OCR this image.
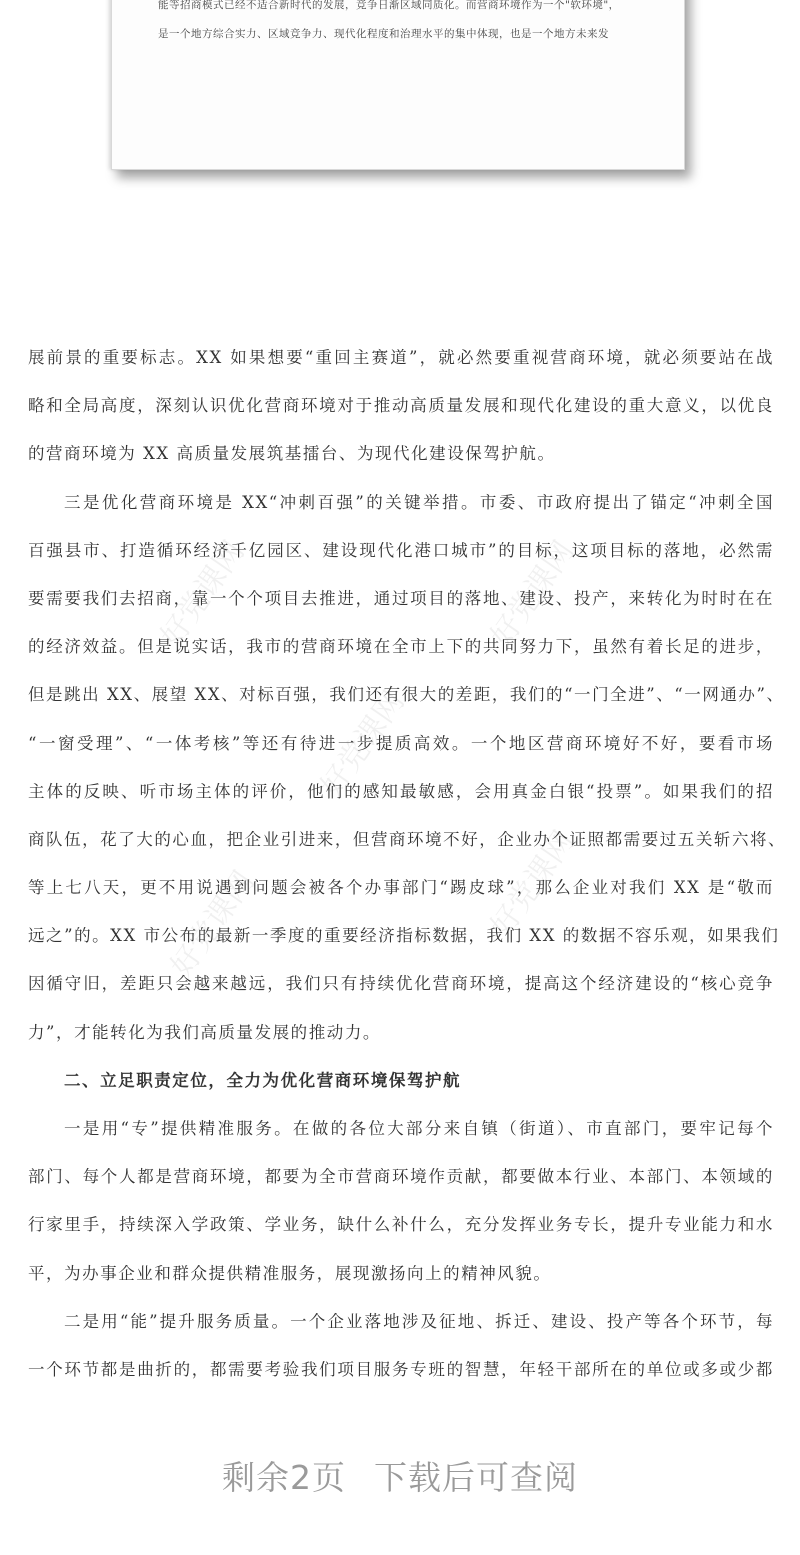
能等招商模式已经不适合新时代的发展，竞争日渐区域同质化。而营商环境作为一个"软环境"，
是一个地方综合实力、区域竞争力、现代化程度和治理水平的集中体现，也是一个地方未来发
好党课网	好党课网
好党课网
好党课网	好党课网
展前景的重要标志。XX 如果想要“重回主赛道”，就必然要重视营商环境，就必须要站在战
略和全局高度，深刻认识优化营商环境对于推动高质量发展和现代化建设的重大意义，以优良
的营商环境为 XX 高质量发展筑基擂台、为现代化建设保驾护航。
三是优化营商环境是 XX“冲刺百强”的关键举措。市委、市政府提出了锚定“冲刺全国
百强县市、打造循环经济千亿园区、建设现代化港口城市”的目标，这项目标的落地，必然需
要需要我们去招商，靠一个个项目去推进，通过项目的落地、建设、投产，来转化为时时在在
的经济效益。但是说实话，我市的营商环境在全市上下的共同努力下，虽然有着长足的进步，
但是跳出 XX、展望 XX、对标百强，我们还有很大的差距，我们的“一门全进”、“一网通办”、
“一窗受理”、“一体考核”等还有待进一步提质高效。一个地区营商环境好不好，要看市场
主体的反映、听市场主体的评价，他们的感知最敏感，会用真金白银“投票”。如果我们的招
商队伍，花了大的心血，把企业引进来，但营商环境不好，企业办个证照都需要过五关斩六将、
等上七八天，更不用说遇到问题会被各个办事部门“踢皮球”，那么企业对我们 XX 是“敬而
远之”的。XX 市公布的最新一季度的重要经济指标数据，我们 XX 的数据不容乐观，如果我们
因循守旧，差距只会越来越远，我们只有持续优化营商环境，提高这个经济建设的“核心竞争
力”，才能转化为我们高质量发展的推动力。
二、立足职责定位，全力为优化营商环境保驾护航
一是用“专”提供精准服务。在做的各位大部分来自镇（街道）、市直部门，要牢记每个
部门、每个人都是营商环境，都要为全市营商环境作贡献，都要做本行业、本部门、本领域的
行家里手，持续深入学政策、学业务，缺什么补什么，充分发挥业务专长，提升专业能力和水
平，为办事企业和群众提供精准服务，展现激扬向上的精神风貌。
二是用“能”提升服务质量。一个企业落地涉及征地、拆迁、建设、投产等各个环节，每
一个环节都是曲折的，都需要考验我们项目服务专班的智慧，年轻干部所在的单位或多或少都
剩余2页 下载后可查阅
